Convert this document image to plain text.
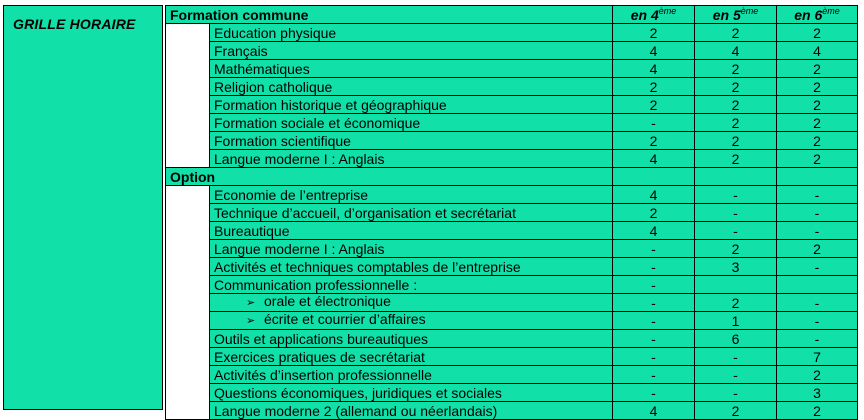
GRILLE HORAIRE
Formation commune		en 4ème	en 5ème	en 6ème
	Education physique	2	2	2
	Français	4	4	4
	Mathématiques	4	2	2
	Religion catholique	2	2	2
	Formation historique et géographique	2	2	2
	Formation sociale et économique	-	2	2
	Formation scientifique	2	2	2
	Langue moderne I : Anglais	4	2	2
Option				
	Economie de l’entreprise	4	-	-
	Technique d’accueil, d’organisation et secrétariat	2	-	-
	Bureautique	4	-	-
	Langue moderne I : Anglais	-	2	2
	Activités et techniques comptables de l’entreprise	-	3	-
	Communication professionnelle :	-		
	➢ orale et électronique	-	2	-
	➢ écrite et courrier d’affaires	-	1	-
	Outils et applications bureautiques	-	6	-
	Exercices pratiques de secrétariat	-	-	7
	Activités d’insertion professionnelle	-	-	2
	Questions économiques, juridiques et sociales	-	-	3
	Langue moderne 2 (allemand ou néerlandais)	4	2	2
